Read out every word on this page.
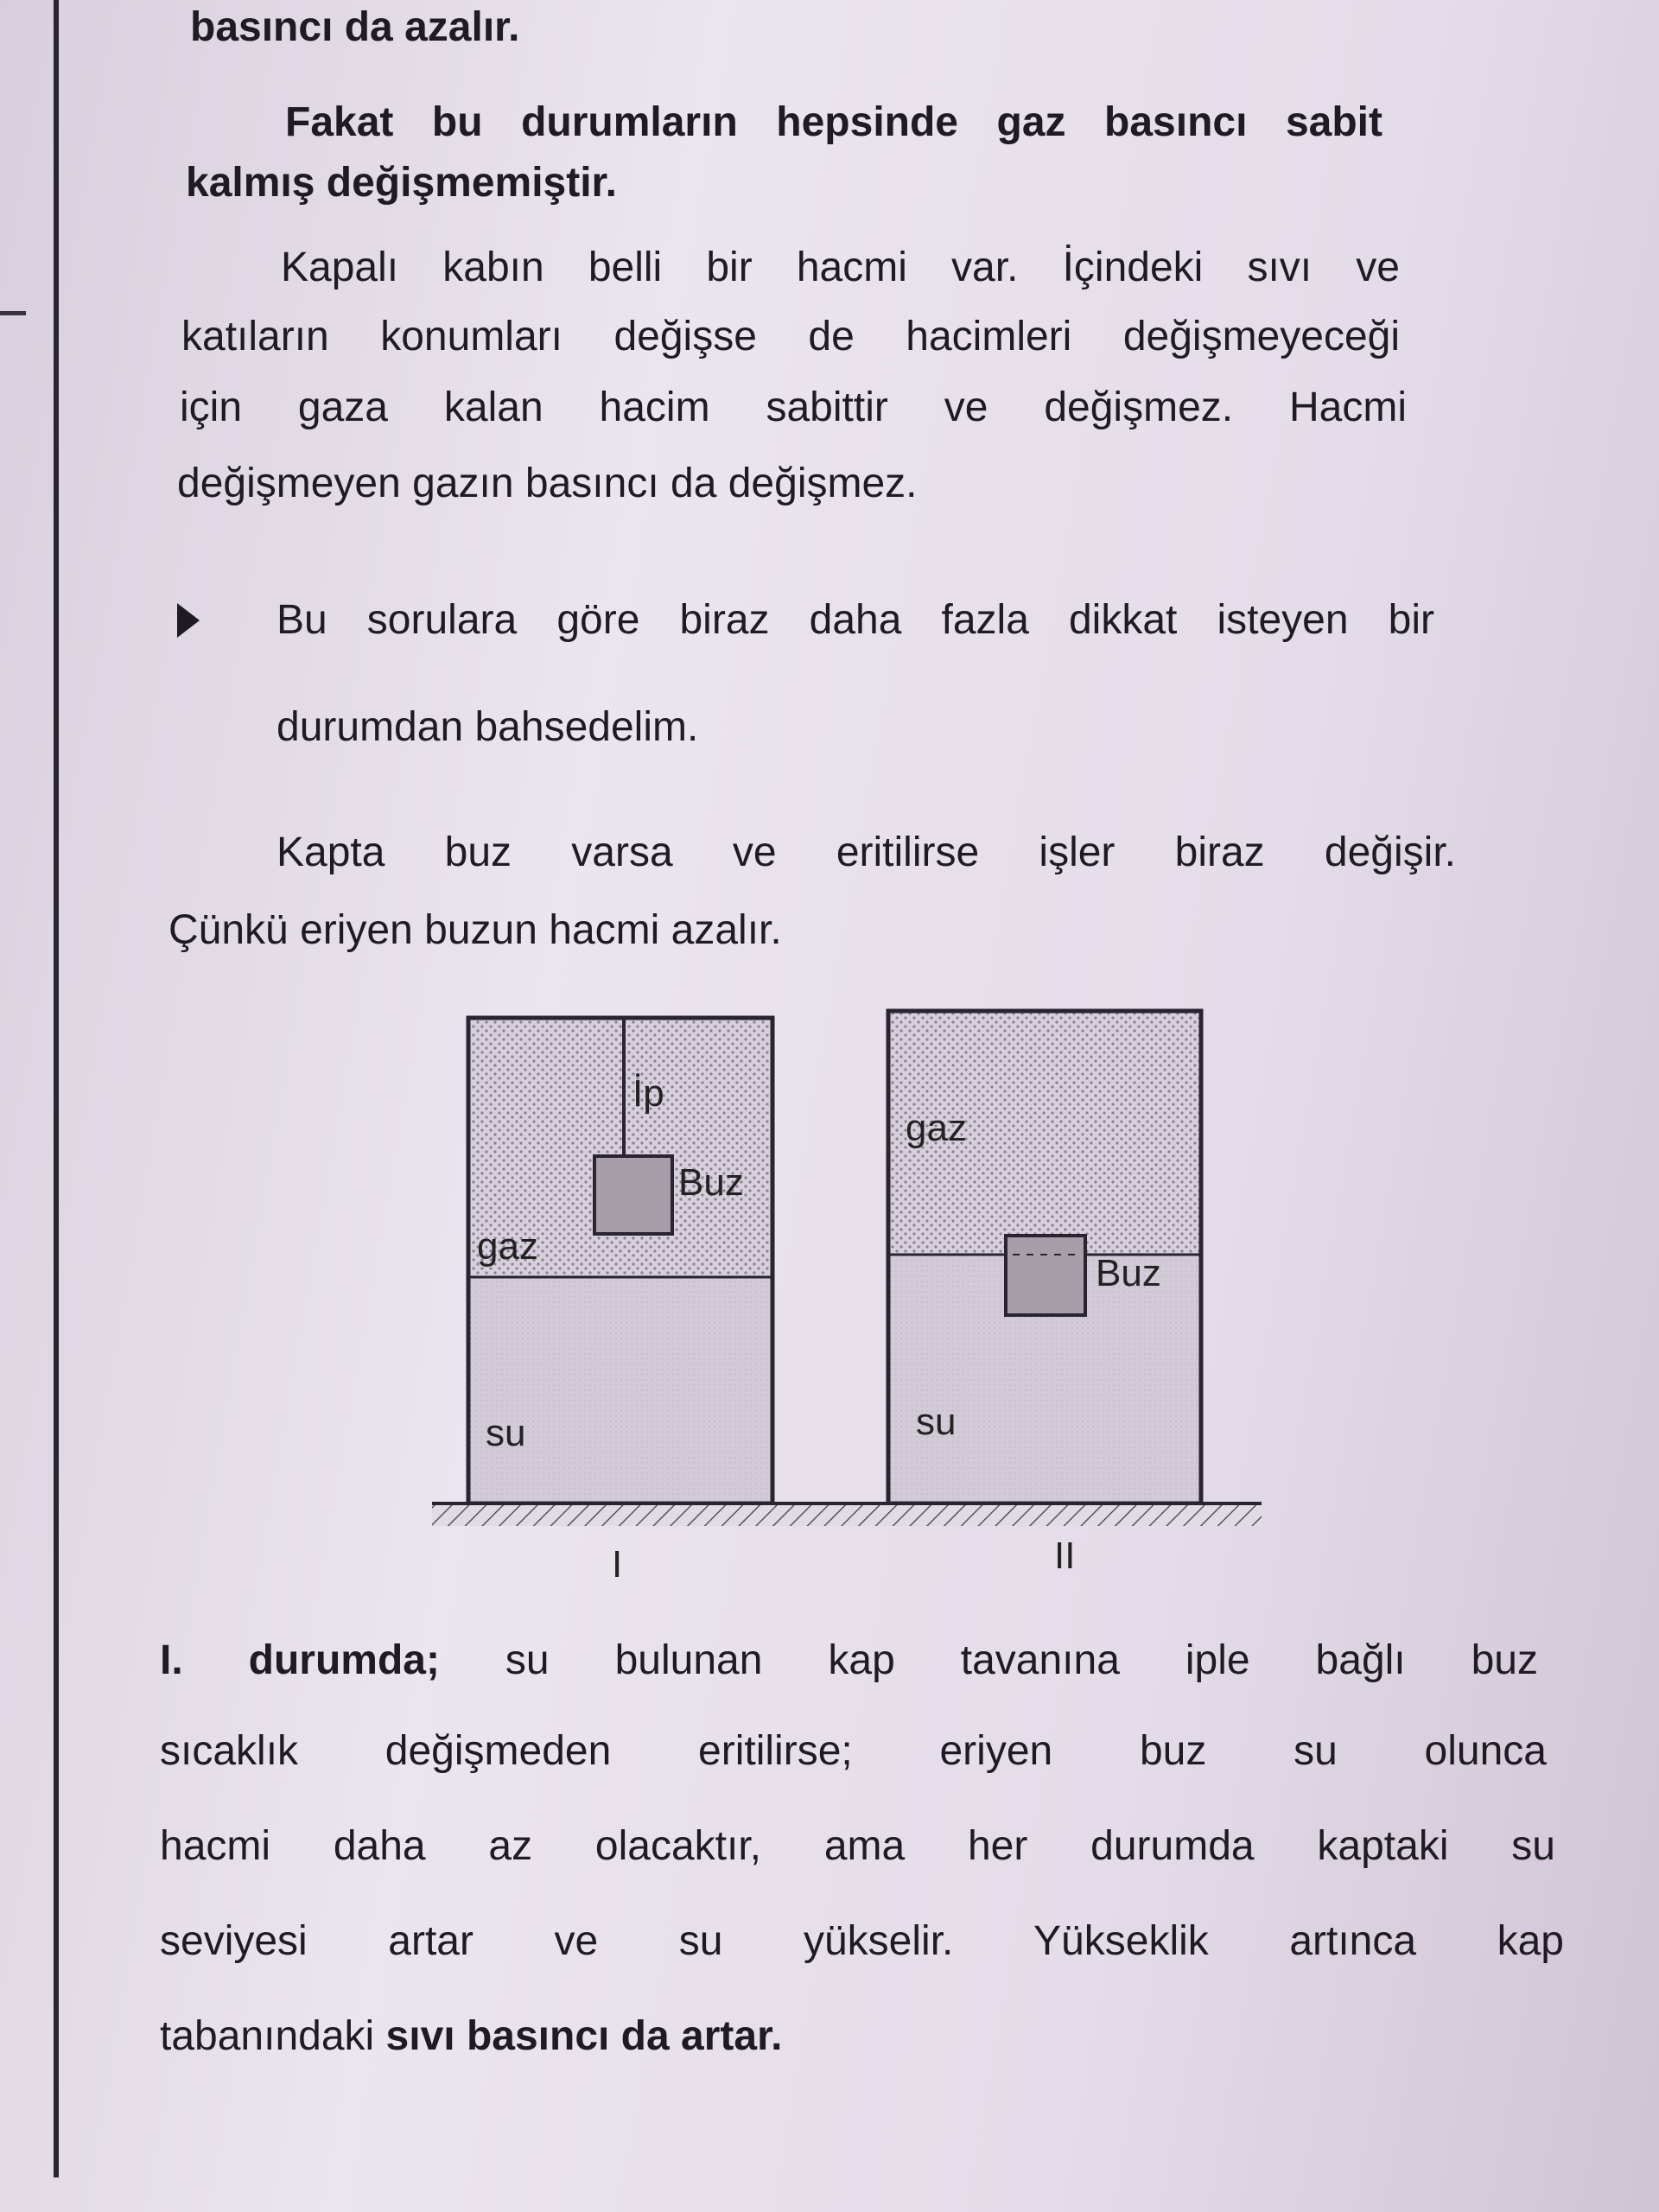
basıncı da azalır.

Fakat bu durumların hepsinde gaz basıncı sabit

kalmış değişmemiştir.

Kapalı kabın belli bir hacmi var. İçindeki sıvı ve

katıların konumları değişse de hacimleri değişmeyeceği

için gaza kalan hacim sabittir ve değişmez. Hacmi

değişmeyen gazın basıncı da değişmez.

Bu sorulara göre biraz daha fazla dikkat isteyen bir

durumdan bahsedelim.

Kapta buz varsa ve eritilirse işler biraz değişir.

Çünkü eriyen buzun hacmi azalır.

İp
Buz
gaz
su
gaz
Buz
su
I	II

I. durumda; su bulunan kap tavanına iple bağlı buz

sıcaklık değişmeden eritilirse; eriyen buz su olunca

hacmi daha az olacaktır, ama her durumda kaptaki su

seviyesi artar ve su yükselir. Yükseklik artınca kap

tabanındaki sıvı basıncı da artar.
